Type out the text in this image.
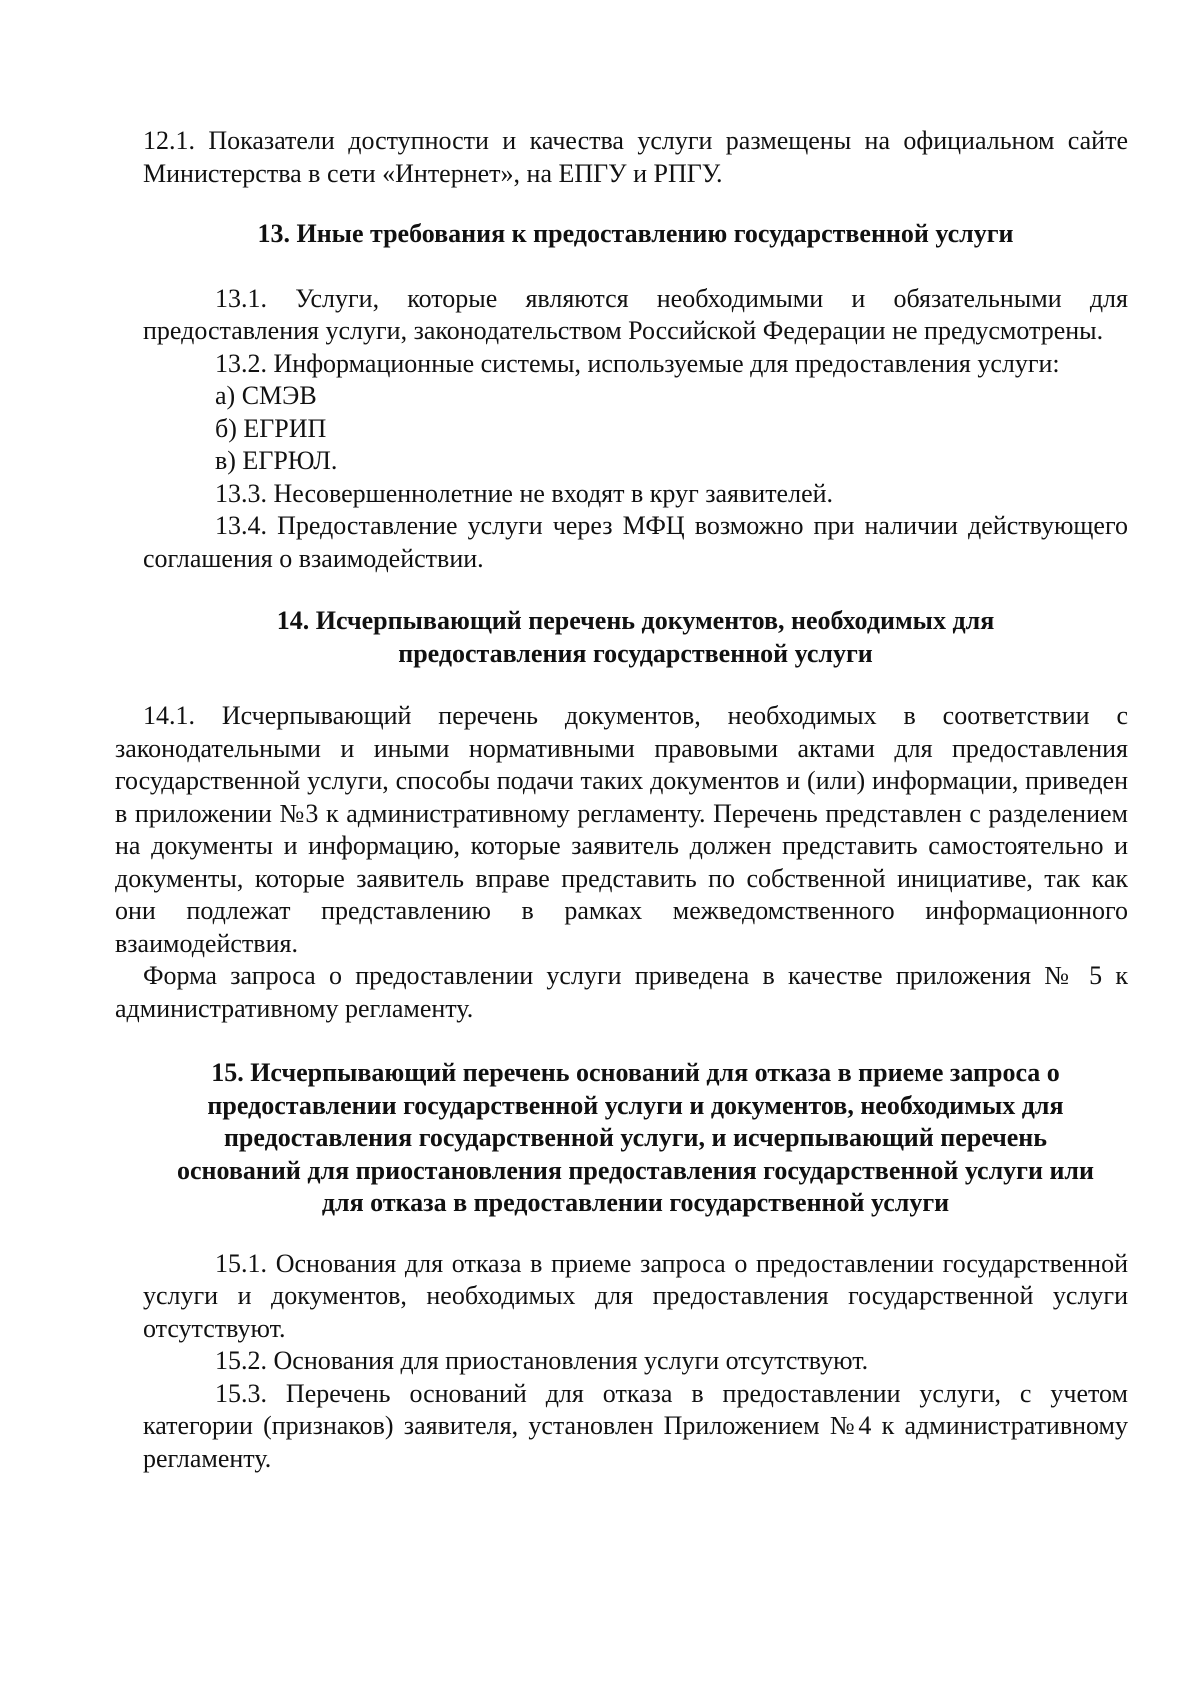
12.1. Показатели доступности и качества услуги размещены на официальном сайте Министерства в сети «Интернет», на ЕПГУ и РПГУ.

13. Иные требования к предоставлению государственной услуги

13.1. Услуги, которые являются необходимыми и обязательными для предоставления услуги, законодательством Российской Федерации не предусмотрены.

13.2. Информационные системы, используемые для предоставления услуги:

а) СМЭВ

б) ЕГРИП

в) ЕГРЮЛ.

13.3. Несовершеннолетние не входят в круг заявителей.

13.4. Предоставление услуги через МФЦ возможно при наличии действующего соглашения о взаимодействии.

14. Исчерпывающий перечень документов, необходимых для
предоставления государственной услуги

14.1. Исчерпывающий перечень документов, необходимых в соответствии с законодательными и иными нормативными правовыми актами для предоставления государственной услуги, способы подачи таких документов и (или) информации, приведен в приложении №3 к административному регламенту. Перечень представлен с разделением на документы и информацию, которые заявитель должен представить самостоятельно и документы, которые заявитель вправе представить по собственной инициативе, так как они подлежат представлению в рамках межведомственного информационного взаимодействия.

Форма запроса о предоставлении услуги приведена в качестве приложения № 5 к административному регламенту.

15. Исчерпывающий перечень оснований для отказа в приеме запроса о
предоставлении государственной услуги и документов, необходимых для
предоставления государственной услуги, и исчерпывающий перечень
оснований для приостановления предоставления государственной услуги или
для отказа в предоставлении государственной услуги

15.1. Основания для отказа в приеме запроса о предоставлении государственной услуги и документов, необходимых для предоставления государственной услуги отсутствуют.

15.2. Основания для приостановления услуги отсутствуют.

15.3. Перечень оснований для отказа в предоставлении услуги, с учетом категории (признаков) заявителя, установлен Приложением №4 к административному регламенту.
